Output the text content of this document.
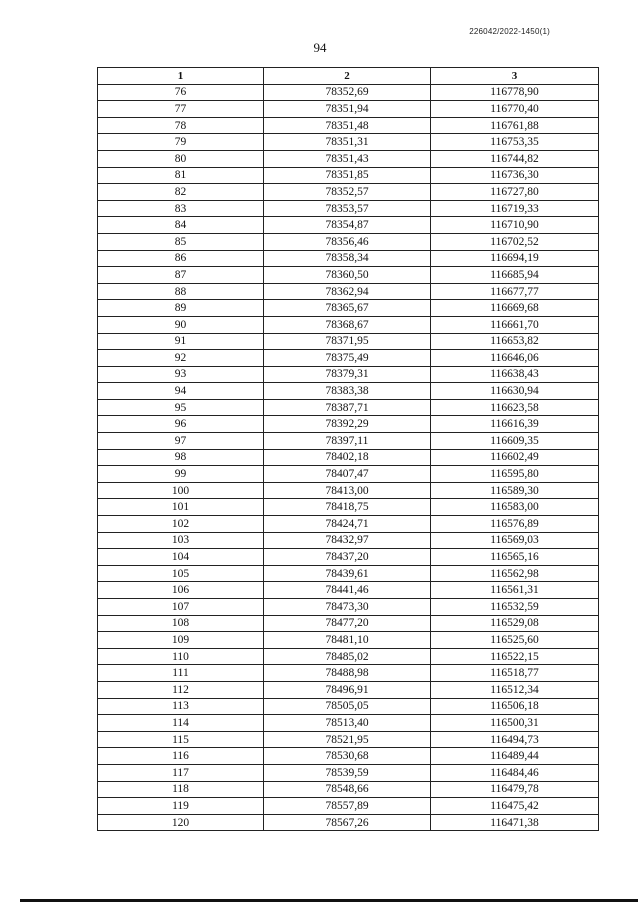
226042/2022-1450(1)
94
1	2	3
76	78352,69	116778,90
77	78351,94	116770,40
78	78351,48	116761,88
79	78351,31	116753,35
80	78351,43	116744,82
81	78351,85	116736,30
82	78352,57	116727,80
83	78353,57	116719,33
84	78354,87	116710,90
85	78356,46	116702,52
86	78358,34	116694,19
87	78360,50	116685,94
88	78362,94	116677,77
89	78365,67	116669,68
90	78368,67	116661,70
91	78371,95	116653,82
92	78375,49	116646,06
93	78379,31	116638,43
94	78383,38	116630,94
95	78387,71	116623,58
96	78392,29	116616,39
97	78397,11	116609,35
98	78402,18	116602,49
99	78407,47	116595,80
100	78413,00	116589,30
101	78418,75	116583,00
102	78424,71	116576,89
103	78432,97	116569,03
104	78437,20	116565,16
105	78439,61	116562,98
106	78441,46	116561,31
107	78473,30	116532,59
108	78477,20	116529,08
109	78481,10	116525,60
110	78485,02	116522,15
111	78488,98	116518,77
112	78496,91	116512,34
113	78505,05	116506,18
114	78513,40	116500,31
115	78521,95	116494,73
116	78530,68	116489,44
117	78539,59	116484,46
118	78548,66	116479,78
119	78557,89	116475,42
120	78567,26	116471,38
